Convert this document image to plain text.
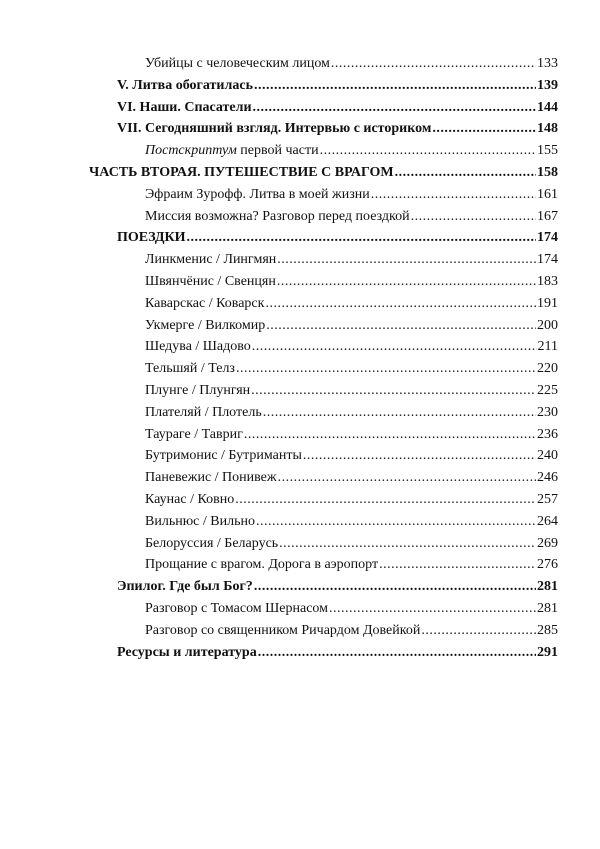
Убийцы с человеческим лицом .....	133
V. Литва обогатилась .....	139
VI. Наши. Спасатели .....	144
VII. Сегодняшний взгляд. Интервью с историком .....	148
Постскриптум первой части .....	155
ЧАСТЬ ВТОРАЯ. ПУТЕШЕСТВИЕ С ВРАГОМ .....	158
Эфраим Зурофф. Литва в моей жизни .....	161
Миссия возможна? Разговор перед поездкой .....	167
ПОЕЗДКИ .....	174
Линкменис / Лингмян .....	174
Швянчёнис / Свенцян .....	183
Каварскас / Коварск .....	191
Укмерге / Вилкомир .....	200
Шедува / Шадово .....	211
Тельшяй / Телз .....	220
Плунге / Плунгян .....	225
Плателяй / Плотель .....	230
Таураге / Тавриг .....	236
Бутримонис / Бутриманты .....	240
Паневежис / Понивеж .....	246
Каунас / Ковно .....	257
Вильнюс / Вильно .....	264
Белоруссия / Беларусь .....	269
Прощание с врагом. Дорога в аэропорт .....	276
Эпилог. Где был Бог? .....	281
Разговор с Томасом Шернасом .....	281
Разговор со священником Ричардом Довейкой .....	285
Ресурсы и литература .....	291
